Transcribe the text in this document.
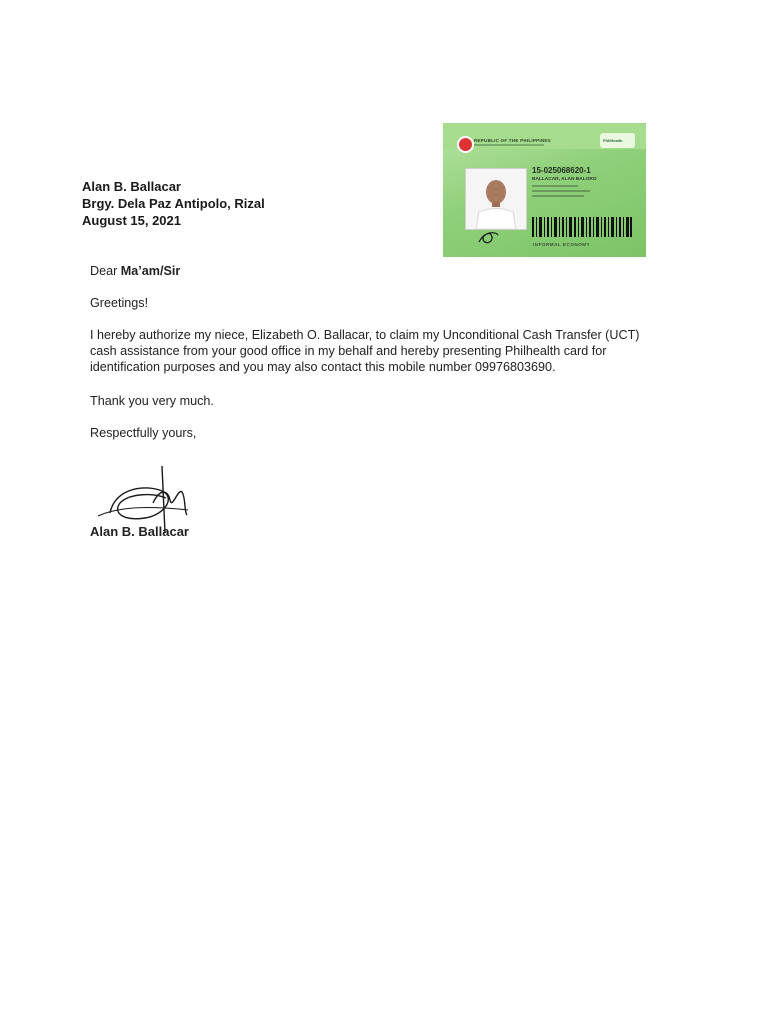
Alan B. Ballacar
Brgy. Dela Paz Antipolo, Rizal
August 15, 2021
REPUBLIC OF THE PHILIPPINES	PhilHealth
15-025068620-1
BALLACAR, ALAN BALORO
INFORMAL ECONOMY
Dear Ma’am/Sir
Greetings!
I hereby authorize my niece, Elizabeth O. Ballacar, to claim my Unconditional Cash Transfer (UCT) cash assistance from your good office in my behalf and hereby presenting Philhealth card for identification purposes and you may also contact this mobile number 09976803690.
Thank you very much.
Respectfully yours,
Alan B. Ballacar
